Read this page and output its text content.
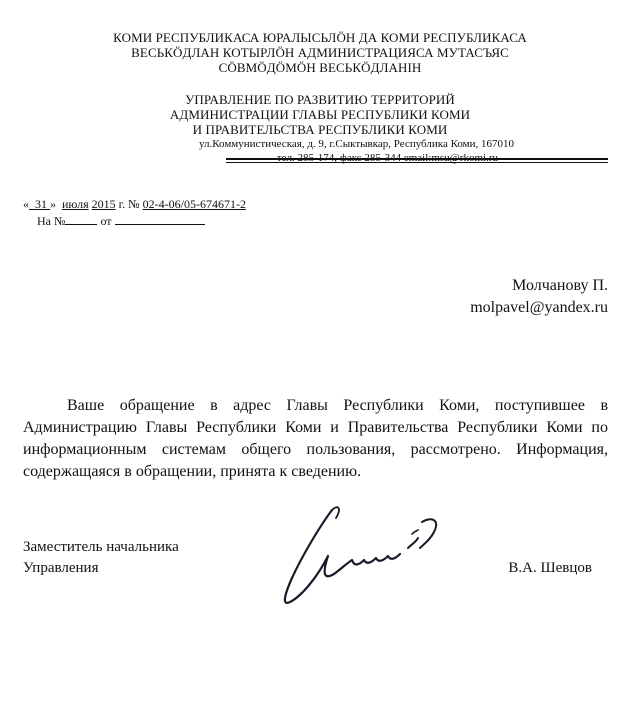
КОМИ РЕСПУБЛИКАСА ЮРАЛЫСЬЛÖН ДА КОМИ РЕСПУБЛИКАСА
ВЕСЬКÖДЛАН КОТЫРЛÖН АДМИНИСТРАЦИЯСА МУТАСЪЯС
СÖВМÖДÖМÖН ВЕСЬКÖДЛАНIН
УПРАВЛЕНИЕ ПО РАЗВИТИЮ ТЕРРИТОРИЙ
АДМИНИСТРАЦИИ ГЛАВЫ РЕСПУБЛИКИ КОМИ
И ПРАВИТЕЛЬСТВА РЕСПУБЛИКИ КОМИ
ул.Коммунистическая, д. 9, г.Сыктывкар, Республика Коми, 167010
тел. 285-174, факс 285-344 email:msu@rkomi.ru
« 31 » июля 2015 г. № 02-4-06/05-674671-2
На №	от
Молчанову П.
molpavel@yandex.ru
Ваше обращение в адрес Главы Республики Коми, поступившее в Администрацию Главы Республики Коми и Правительства Республики Коми по информационным системам общего пользования, рассмотрено. Информация, содержащаяся в обращении, принята к сведению.
Заместитель начальника
Управления	В.А. Шевцов
